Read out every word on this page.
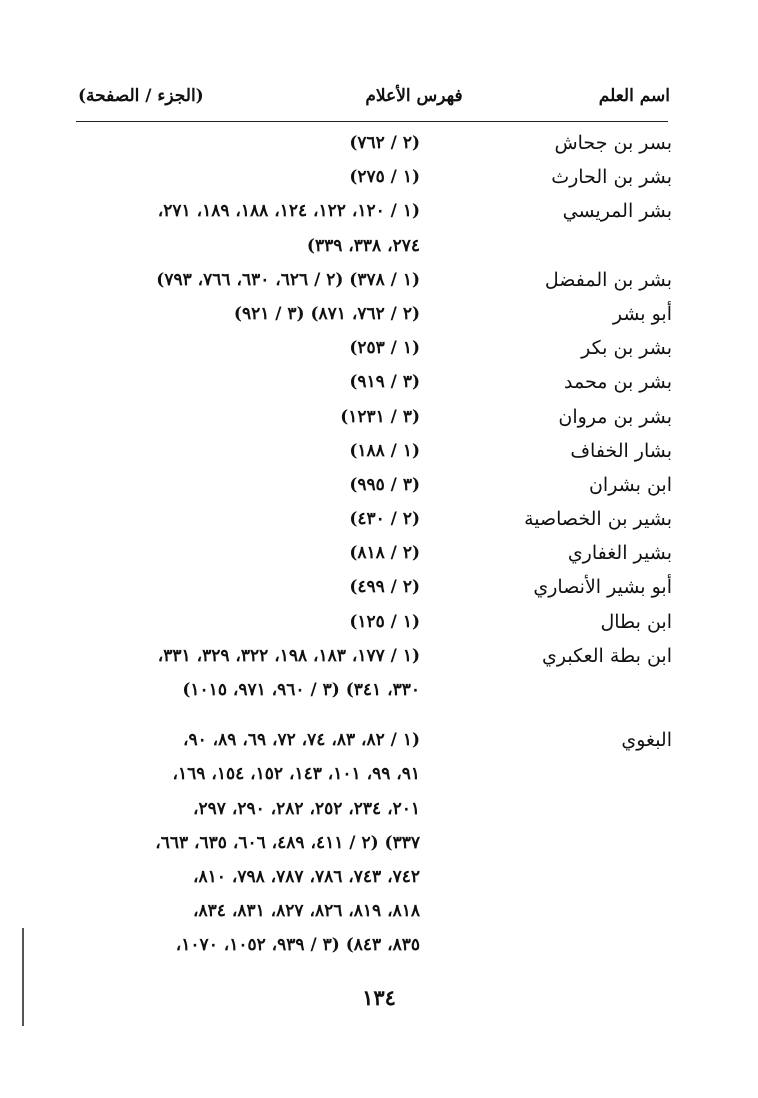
اسم العلم
فهرس الأعلام
(الجزء / الصفحة)
بسر بن جحاش
(٢ / ٧٦٢)
بشر بن الحارث
(١ / ٢٧٥)
بشر المريسي
(١ / ١٢٠، ١٢٢، ١٢٤، ١٨٨، ١٨٩، ٢٧١،
٢٧٤، ٣٣٨، ٣٣٩)
بشر بن المفضل
(١ / ٣٧٨) (٢ / ٦٢٦، ٦٣٠، ٧٦٦، ٧٩٣)
أبو بشر
(٢ / ٧٦٢، ٨٧١) (٣ / ٩٢١)
بشر بن بكر
(١ / ٢٥٣)
بشر بن محمد
(٣ / ٩١٩)
بشر بن مروان
(٣ / ١٢٣١)
بشار الخفاف
(١ / ١٨٨)
ابن بشران
(٣ / ٩٩٥)
بشير بن الخصاصية
(٢ / ٤٣٠)
بشير الغفاري
(٢ / ٨١٨)
أبو بشير الأنصاري
(٢ / ٤٩٩)
ابن بطال
(١ / ١٢٥)
ابن بطة العكبري
(١ / ١٧٧، ١٨٣، ١٩٨، ٣٢٢، ٣٢٩، ٣٣١،
٣٣٠، ٣٤١) (٣ / ٩٦٠، ٩٧١، ١٠١٥)
البغوي
(١ / ٨٢، ٨٣، ٧٤، ٧٢، ٦٩، ٨٩، ٩٠،
٩١، ٩٩، ١٠١، ١٤٣، ١٥٢، ١٥٤، ١٦٩،
٢٠١، ٢٣٤، ٢٥٢، ٢٨٢، ٢٩٠، ٢٩٧،
٣٣٧) (٢ / ٤١١، ٤٨٩، ٦٠٦، ٦٣٥، ٦٦٣،
٧٤٢، ٧٤٣، ٧٨٦، ٧٨٧، ٧٩٨، ٨١٠،
٨١٨، ٨١٩، ٨٢٦، ٨٢٧، ٨٣١، ٨٣٤،
٨٣٥، ٨٤٣) (٣ / ٩٣٩، ١٠٥٢، ١٠٧٠،
١٣٤
